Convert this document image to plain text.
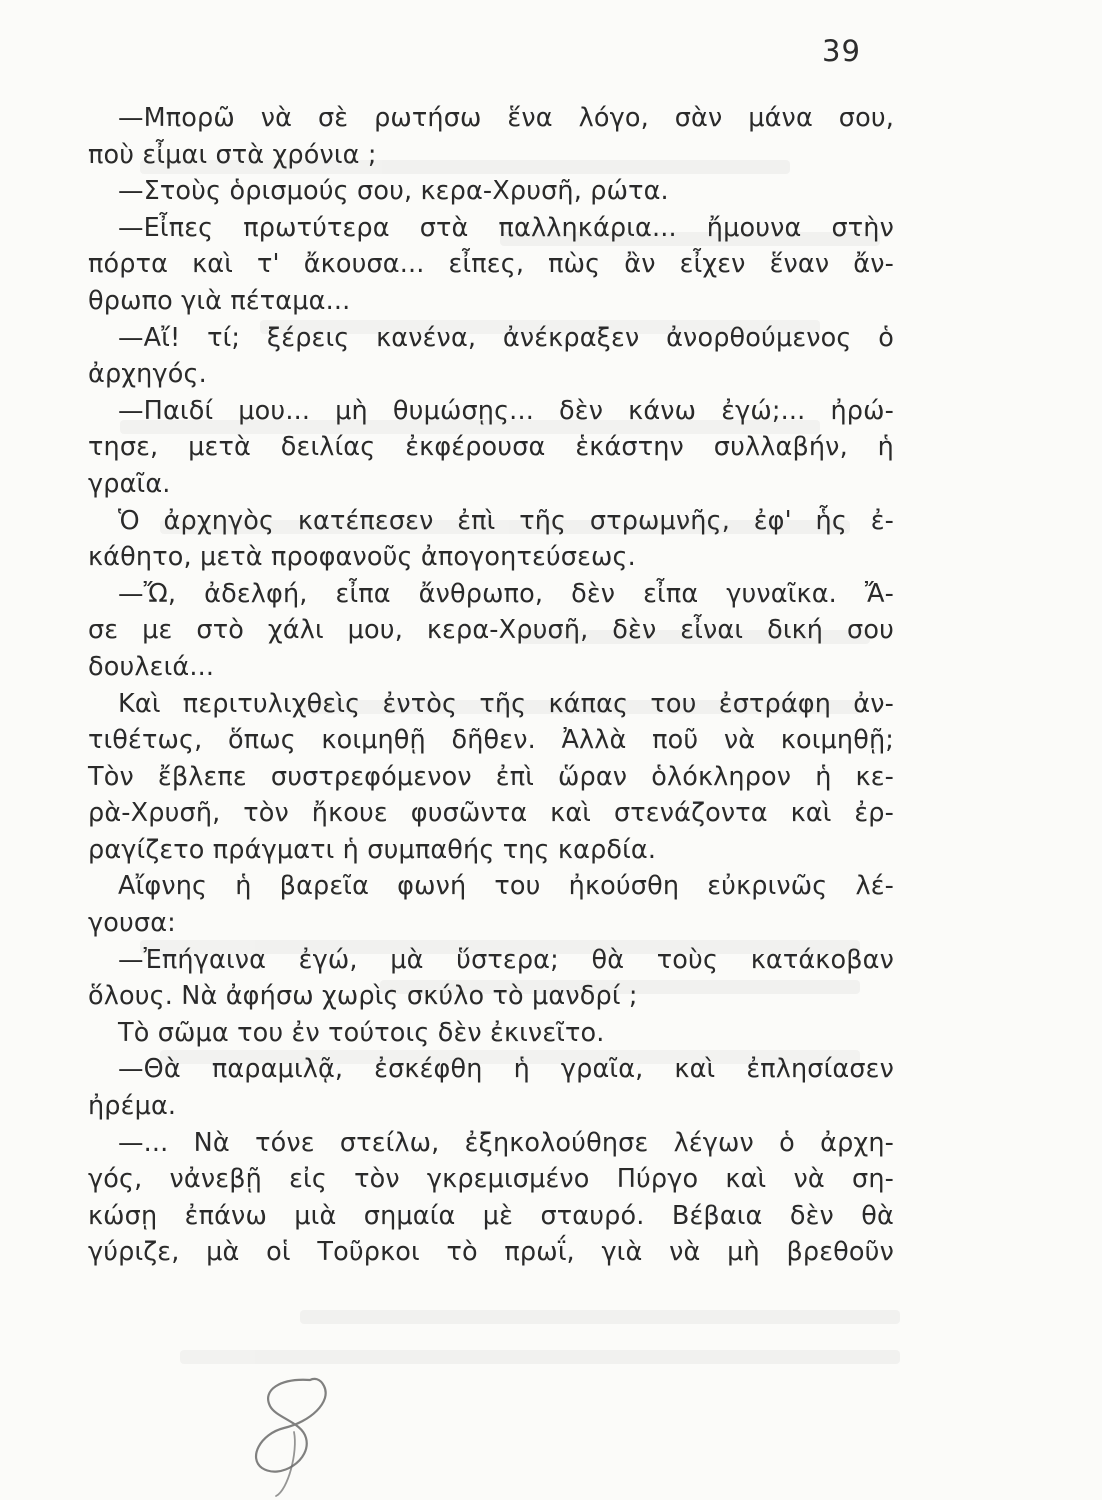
39
—Μπορῶ νὰ σὲ ρωτήσω ἕνα λόγο, σὰν μάνα σου,
ποὺ εἶμαι στὰ χρόνια ;
—Στοὺς ὁρισμούς σου, κερα-Χρυσῆ, ρώτα.
—Εἶπες πρωτύτερα στὰ παλληκάρια... ἤμουνα στὴν
πόρτα καὶ τ' ἄκουσα... εἶπες, πὼς ἂν εἶχεν ἕναν ἄν-
θρωπο γιὰ πέταμα...
—Αἴ! τί; ξέρεις κανένα, ἀνέκραξεν ἀνορθούμενος ὁ
ἀρχηγός.
—Παιδί μου... μὴ θυμώσῃς... δὲν κάνω ἐγώ;... ἠρώ-
τησε, μετὰ δειλίας ἐκφέρουσα ἑκάστην συλλαβήν, ἡ
γραῖα.
Ὁ ἀρχηγὸς κατέπεσεν ἐπὶ τῆς στρωμνῆς, ἐφ' ἧς ἐ-
κάθητο, μετὰ προφανοῦς ἀπογοητεύσεως.
—Ὤ, ἀδελφή, εἶπα ἄνθρωπο, δὲν εἶπα γυναῖκα. Ἄ-
σε με στὸ χάλι μου, κερα-Χρυσῆ, δὲν εἶναι δική σου
δουλειά...
Καὶ περιτυλιχθεὶς ἐντὸς τῆς κάπας του ἐστράφη ἀν-
τιθέτως, ὅπως κοιμηθῇ δῆθεν. Ἀλλὰ ποῦ νὰ κοιμηθῇ;
Τὸν ἔβλεπε συστρεφόμενον ἐπὶ ὥραν ὁλόκληρον ἡ κε-
ρὰ-Χρυσῆ, τὸν ἤκουε φυσῶντα καὶ στενάζοντα καὶ ἐρ-
ραγίζετο πράγματι ἡ συμπαθής της καρδία.
Αἴφνης ἡ βαρεῖα φωνή του ἠκούσθη εὐκρινῶς λέ-
γουσα:
—Ἐπήγαινα ἐγώ, μὰ ὕστερα; θὰ τοὺς κατάκοβαν
ὅλους. Νὰ ἀφήσω χωρὶς σκύλο τὸ μανδρί ;
Τὸ σῶμα του ἐν τούτοις δὲν ἐκινεῖτο.
—Θὰ παραμιλᾷ, ἐσκέφθη ἡ γραῖα, καὶ ἐπλησίασεν
ἠρέμα.
—... Νὰ τόνε στείλω, ἐξηκολούθησε λέγων ὁ ἀρχη-
γός, νἀνεβῇ εἰς τὸν γκρεμισμένο Πύργο καὶ νὰ ση-
κώσῃ ἐπάνω μιὰ σημαία μὲ σταυρό. Βέβαια δὲν θὰ
γύριζε, μὰ οἱ Τοῦρκοι τὸ πρωΐ, γιὰ νὰ μὴ βρεθοῦν
